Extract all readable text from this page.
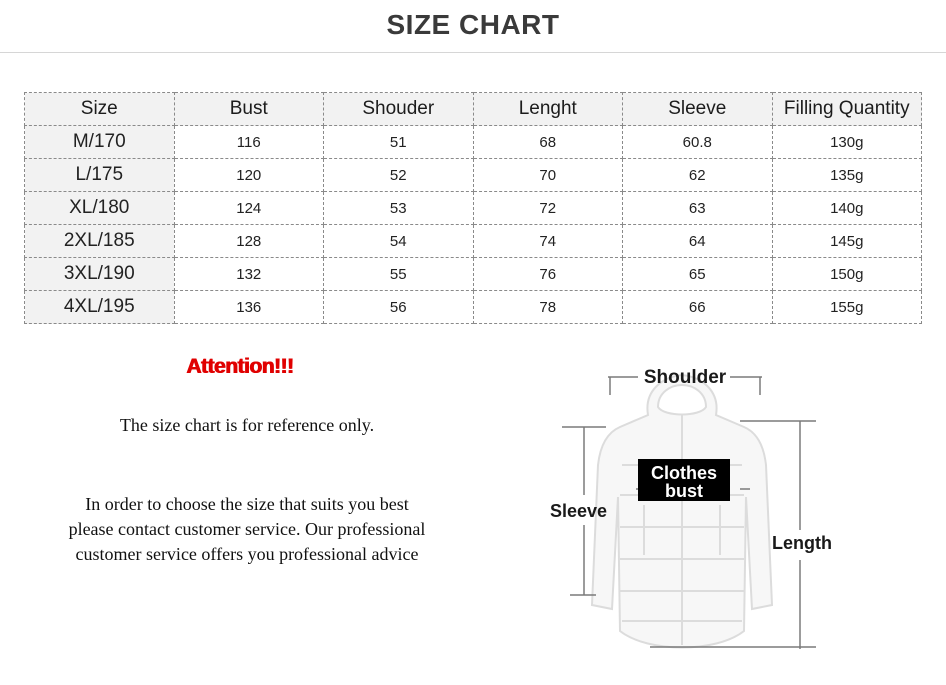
SIZE CHART
Size	Bust	Shouder	Lenght	Sleeve	Filling Quantity
M/170	116	51	68	60.8	130g
L/175	120	52	70	62	135g
XL/180	124	53	72	63	140g
2XL/185	128	54	74	64	145g
3XL/190	132	55	76	65	150g
4XL/195	136	56	78	66	155g
Attention!!!
The size chart is for reference only.
In order to choose the size that suits you best
please contact customer service. Our professional
customer service offers you professional advice
Shoulder
Clothes
bust
Sleeve
Length
